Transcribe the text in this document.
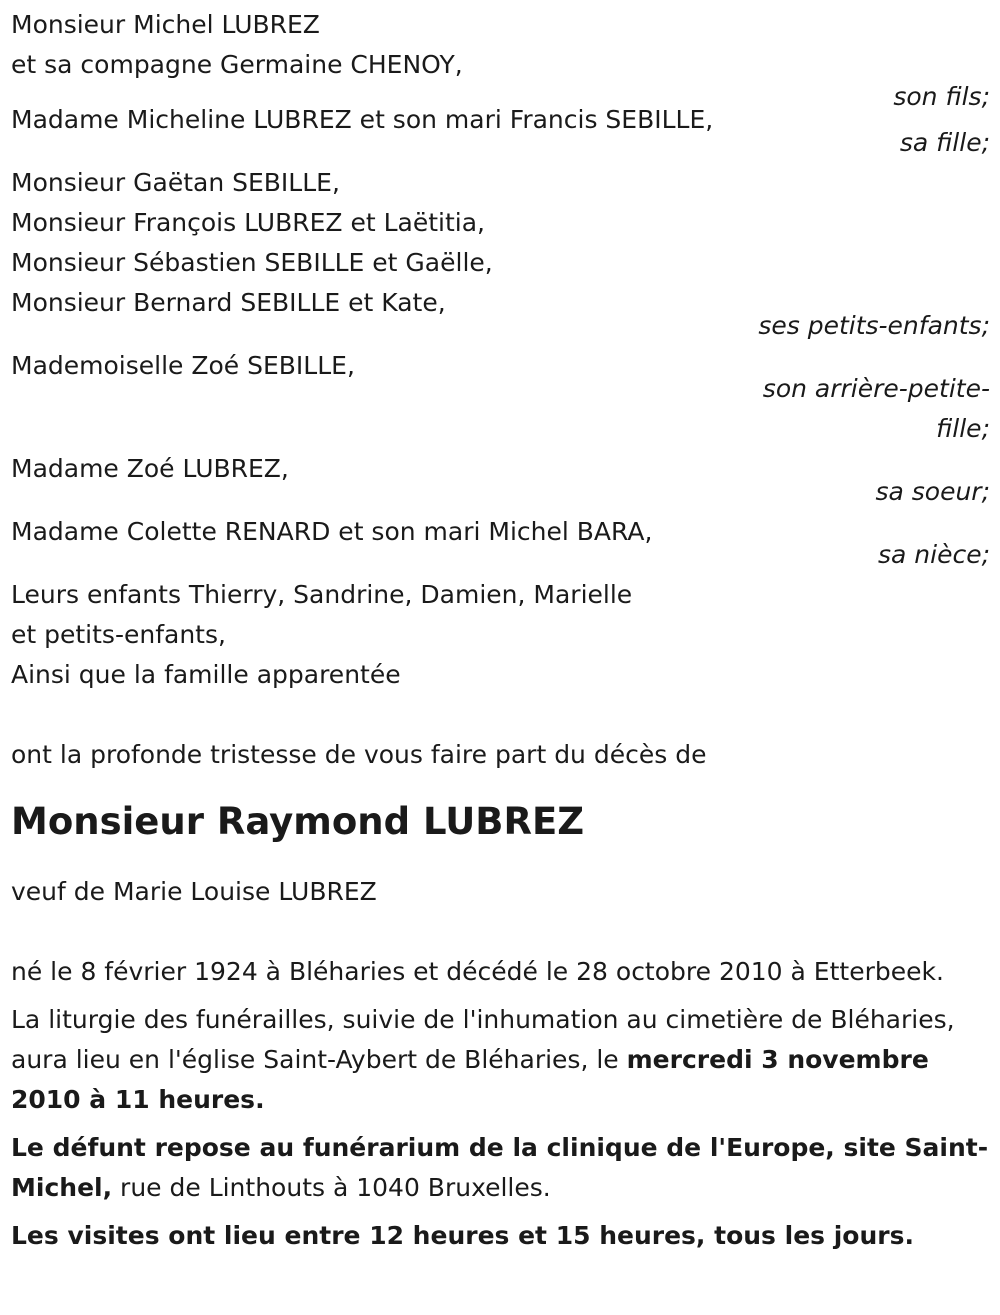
Monsieur Michel LUBREZ
et sa compagne Germaine CHENOY,
son fils;
Madame Micheline LUBREZ et son mari Francis SEBILLE,
sa fille;
Monsieur Gaëtan SEBILLE,
Monsieur François LUBREZ et Laëtitia,
Monsieur Sébastien SEBILLE et Gaëlle,
Monsieur Bernard SEBILLE et Kate,
ses petits-enfants;
Mademoiselle Zoé SEBILLE,
son arrière-petite-fille;
Madame Zoé LUBREZ,
sa soeur;
Madame Colette RENARD et son mari Michel BARA,
sa nièce;
Leurs enfants Thierry, Sandrine, Damien, Marielle
et petits-enfants,
Ainsi que la famille apparentée
ont la profonde tristesse de vous faire part du décès de
Monsieur Raymond LUBREZ
veuf de Marie Louise LUBREZ
né le 8 février 1924 à Bléharies et décédé le 28 octobre 2010 à Etterbeek.
La liturgie des funérailles, suivie de l'inhumation au cimetière de Bléharies, aura lieu en l'église Saint-Aybert de Bléharies, le mercredi 3 novembre 2010 à 11 heures.
Le défunt repose au funérarium de la clinique de l'Europe, site Saint-Michel, rue de Linthouts à 1040 Bruxelles.
Les visites ont lieu entre 12 heures et 15 heures, tous les jours.
